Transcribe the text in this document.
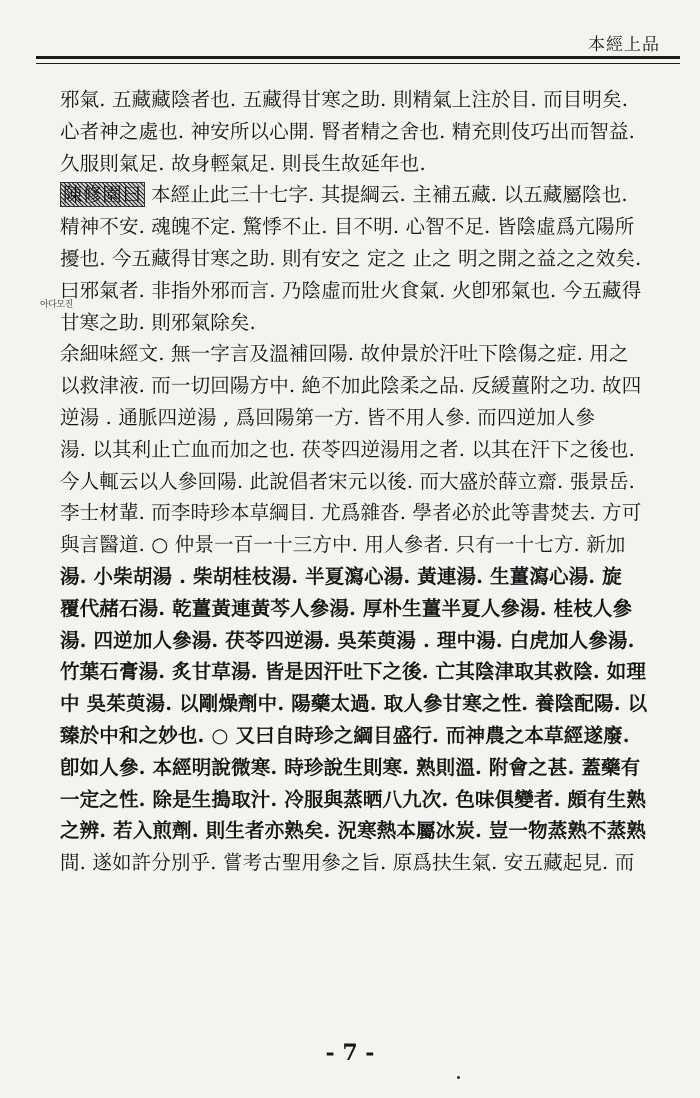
本經上品
아다모진
邪氣. 五藏藏陰者也. 五藏得甘寒之助. 則精氣上注於目. 而目明矣.
心者神之處也. 神安所以心開. 腎者精之舍也. 精充則伎巧出而智益.
久服則氣足. 故身輕氣足. 則長生故延年也.
陳修園曰 本經止此三十七字. 其提綱云. 主補五藏. 以五藏屬陰也.
精神不安. 魂魄不定. 驚悸不止. 目不明. 心智不足. 皆陰虛爲亢陽所
擾也. 今五藏得甘寒之助. 則有安之 定之 止之 明之開之益之之效矣.
曰邪氣者. 非指外邪而言. 乃陰虛而壯火食氣. 火卽邪氣也. 今五藏得
甘寒之助. 則邪氣除矣.
余細味經文. 無一字言及溫補回陽. 故仲景於汗吐下陰傷之症. 用之
以救津液. 而一切回陽方中. 絶不加此陰柔之品. 反緩薑附之功. 故四
逆湯 . 通脈四逆湯 , 爲回陽第一方. 皆不用人參. 而四逆加人參
湯. 以其利止亡血而加之也. 茯苓四逆湯用之者. 以其在汗下之後也.
今人輒云以人參回陽. 此說倡者宋元以後. 而大盛於薛立齋. 張景岳.
李士材輩. 而李時珍本草綱目. 尤爲雜沓. 學者必於此等書焚去. 方可
與言醫道. ○ 仲景一百一十三方中. 用人參者. 只有一十七方. 新加
湯. 小柴胡湯 . 柴胡桂枝湯. 半夏瀉心湯. 黃連湯. 生薑瀉心湯. 旋
覆代赭石湯. 乾薑黃連黃芩人參湯. 厚朴生薑半夏人參湯. 桂枝人參
湯. 四逆加人參湯. 茯苓四逆湯. 吳茱萸湯 . 理中湯. 白虎加人參湯.
竹葉石膏湯. 炙甘草湯. 皆是因汗吐下之後. 亡其陰津取其救陰. 如理
中 吳茱萸湯. 以剛燥劑中. 陽藥太過. 取人參甘寒之性. 養陰配陽. 以
臻於中和之妙也. ○ 又曰自時珍之綱目盛行. 而神農之本草經遂廢.
卽如人參. 本經明說微寒. 時珍說生則寒. 熟則溫. 附會之甚. 蓋藥有
一定之性. 除是生搗取汁. 冷服與蒸晒八九次. 色味俱變者. 頗有生熟
之辨. 若入煎劑. 則生者亦熟矣. 況寒熱本屬冰炭. 豈一物蒸熟不蒸熟
間. 遂如許分別乎. 嘗考古聖用參之旨. 原爲扶生氣. 安五藏起見. 而
- 7 -
